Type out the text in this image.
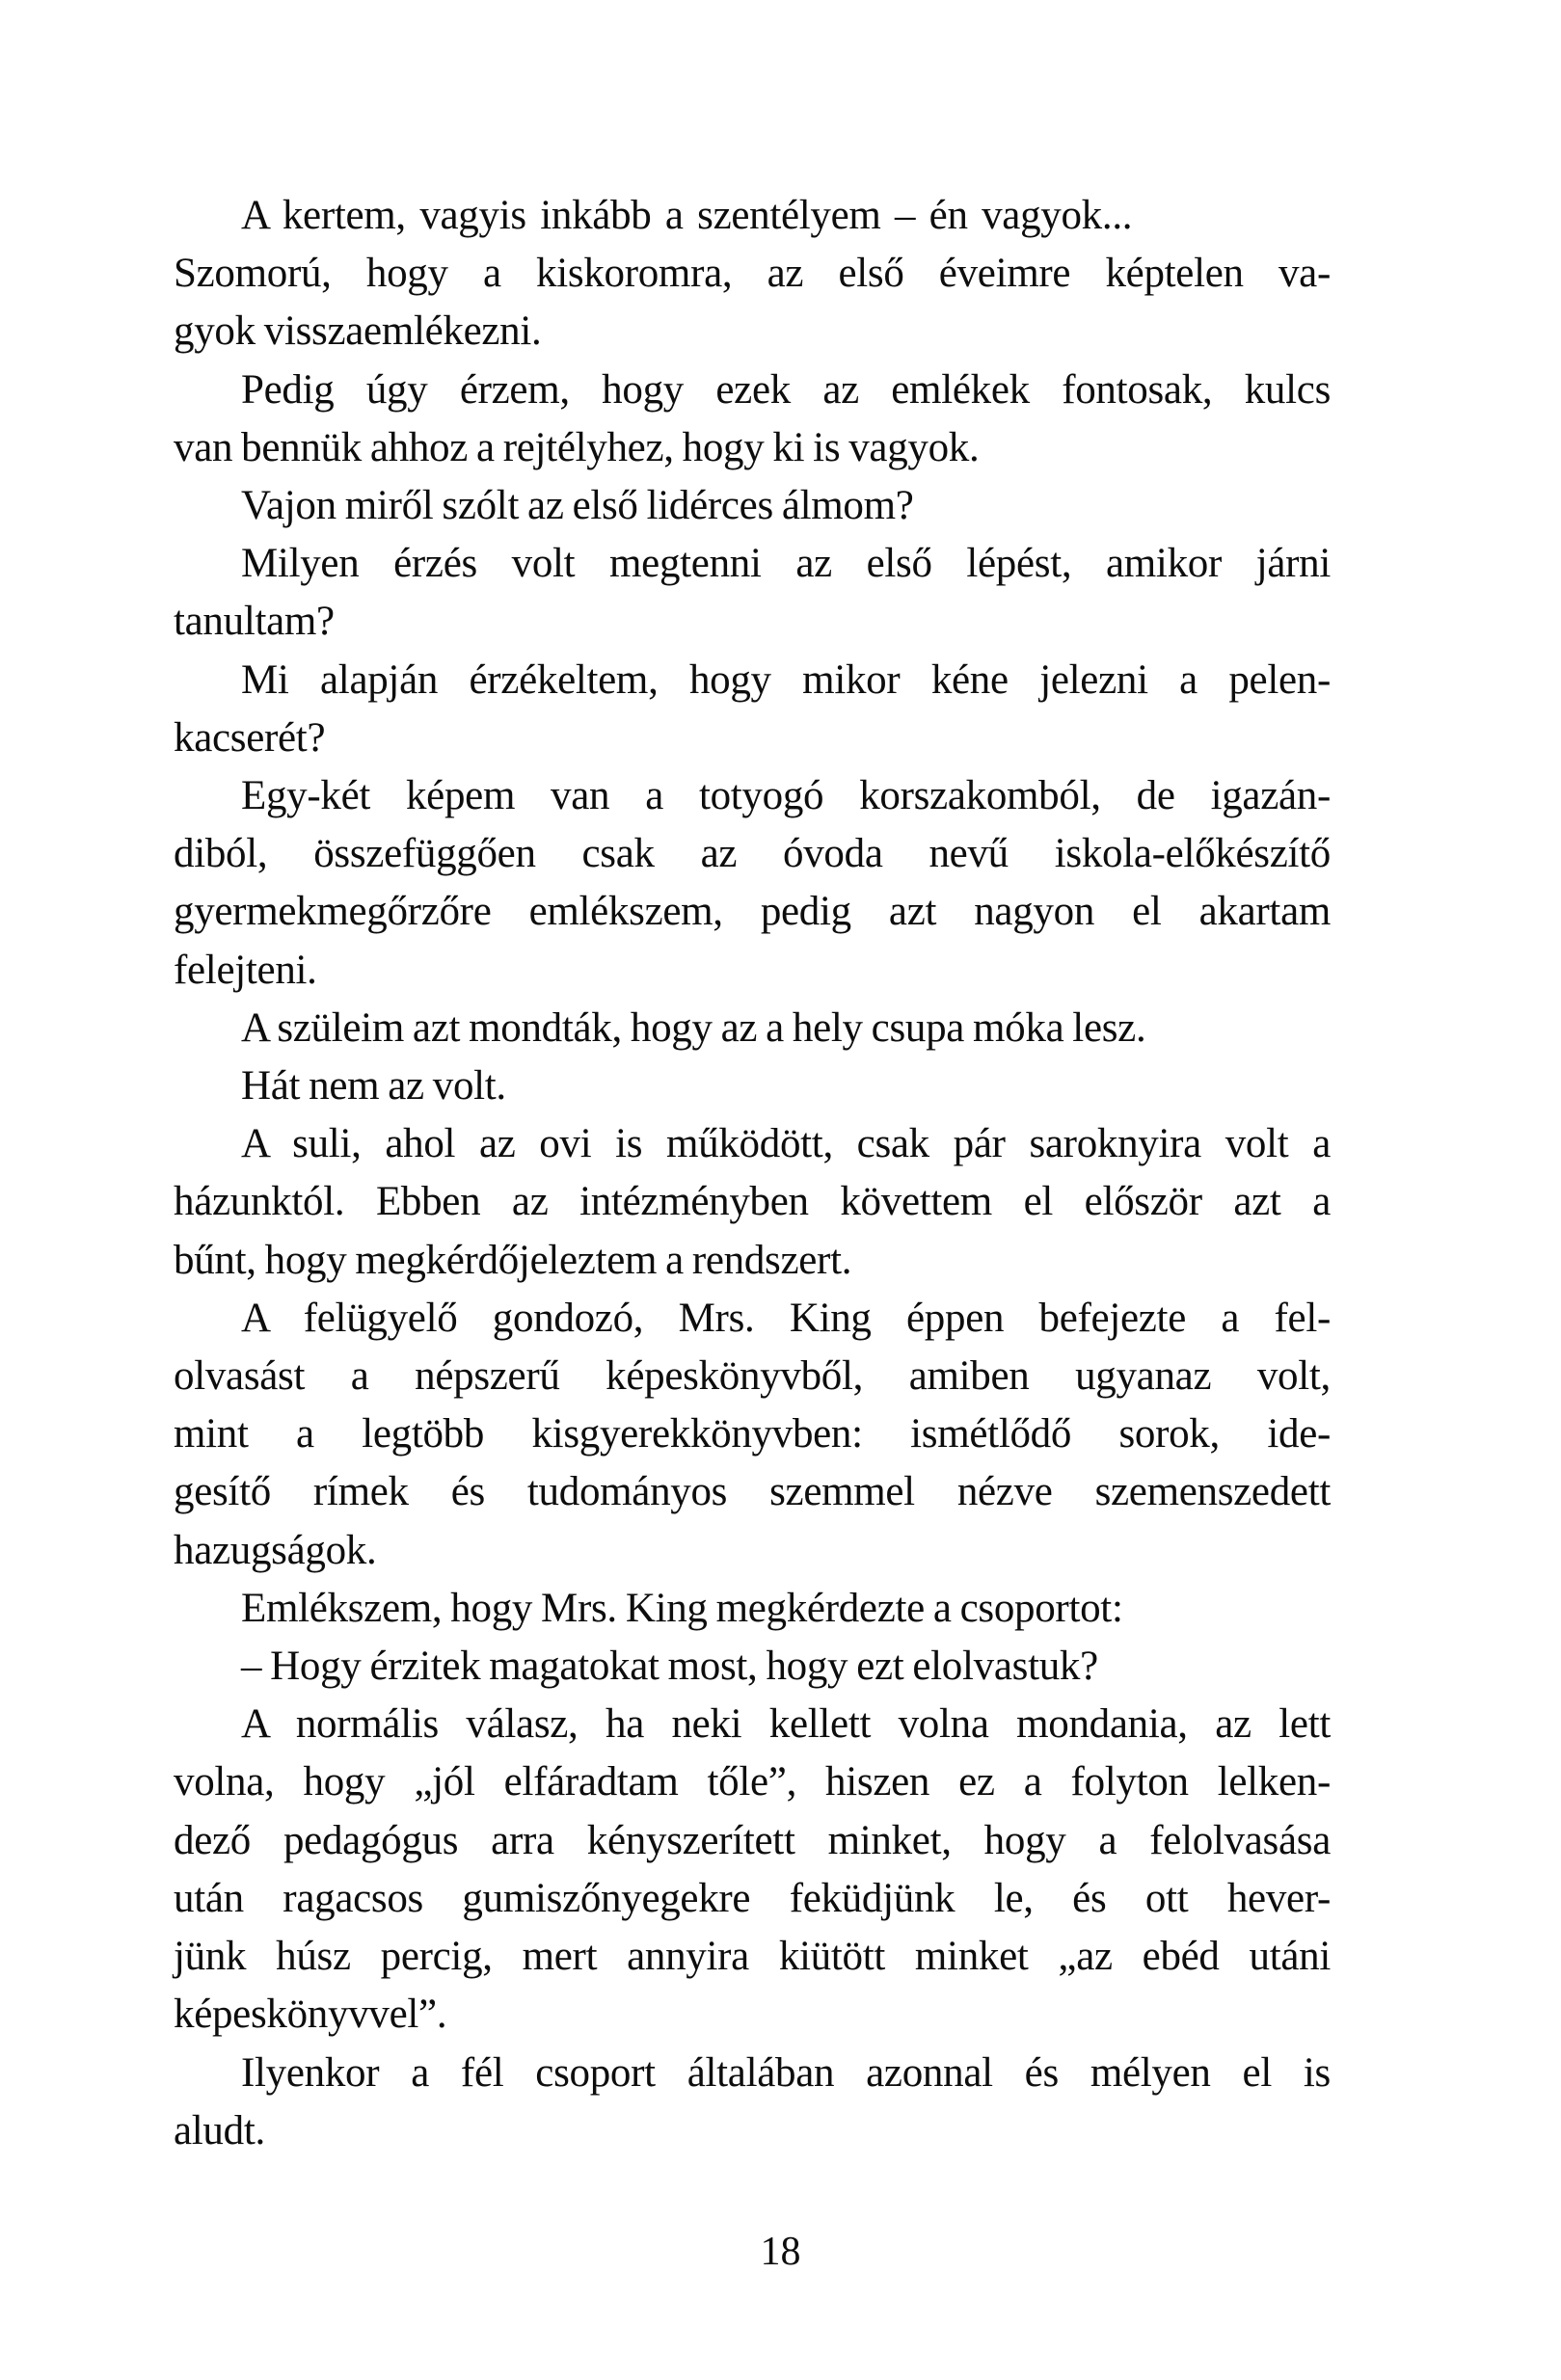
A kertem, vagyis inkább a szentélyem – én vagyok...
Szomorú, hogy a kiskoromra, az első éveimre képtelen va-
gyok visszaemlékezni.
Pedig úgy érzem, hogy ezek az emlékek fontosak, kulcs
van bennük ahhoz a rejtélyhez, hogy ki is vagyok.
Vajon miről szólt az első lidérces álmom?
Milyen érzés volt megtenni az első lépést, amikor járni
tanultam?
Mi alapján érzékeltem, hogy mikor kéne jelezni a pelen-
kacserét?
Egy-két képem van a totyogó korszakomból, de igazán-
diból, összefüggően csak az óvoda nevű iskola-előkészítő
gyermekmegőrzőre emlékszem, pedig azt nagyon el akartam
felejteni.
A szüleim azt mondták, hogy az a hely csupa móka lesz.
Hát nem az volt.
A suli, ahol az ovi is működött, csak pár saroknyira volt a
házunktól. Ebben az intézményben követtem el először azt a
bűnt, hogy megkérdőjeleztem a rendszert.
A felügyelő gondozó, Mrs. King éppen befejezte a fel-
olvasást a népszerű képeskönyvből, amiben ugyanaz volt,
mint a legtöbb kisgyerekkönyvben: ismétlődő sorok, ide-
gesítő rímek és tudományos szemmel nézve szemenszedett
hazugságok.
Emlékszem, hogy Mrs. King megkérdezte a csoportot:
– Hogy érzitek magatokat most, hogy ezt elolvastuk?
A normális válasz, ha neki kellett volna mondania, az lett
volna, hogy „jól elfáradtam tőle”, hiszen ez a folyton lelken-
dező pedagógus arra kényszerített minket, hogy a felolvasása
után ragacsos gumiszőnyegekre feküdjünk le, és ott hever-
jünk húsz percig, mert annyira kiütött minket „az ebéd utáni
képeskönyvvel”.
Ilyenkor a fél csoport általában azonnal és mélyen el is
aludt.
18
